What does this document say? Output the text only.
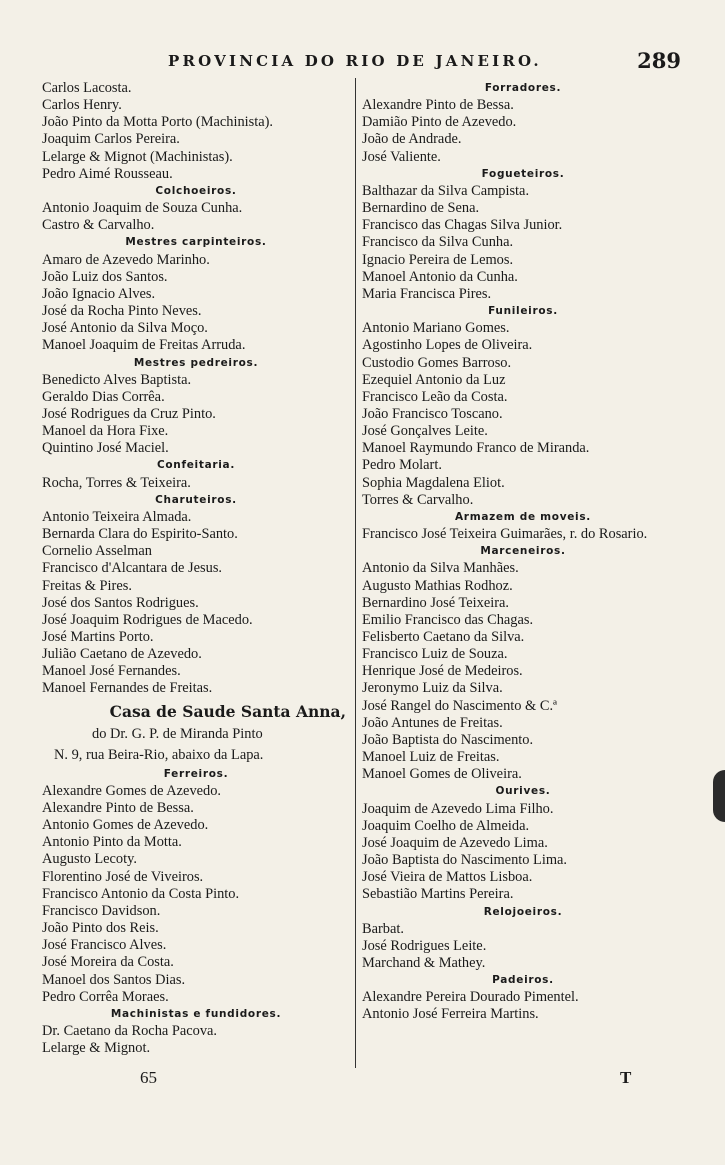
PROVINCIA DO RIO DE JANEIRO.	289
Carlos Lacosta.
Carlos Henry.
João Pinto da Motta Porto (Machinista).
Joaquim Carlos Pereira.
Lelarge & Mignot (Machinistas).
Pedro Aimé Rousseau.
Colchoeiros.
Antonio Joaquim de Souza Cunha.
Castro & Carvalho.
Mestres carpinteiros.
Amaro de Azevedo Marinho.
João Luiz dos Santos.
João Ignacio Alves.
José da Rocha Pinto Neves.
José Antonio da Silva Moço.
Manoel Joaquim de Freitas Arruda.
Mestres pedreiros.
Benedicto Alves Baptista.
Geraldo Dias Corrêa.
José Rodrigues da Cruz Pinto.
Manoel da Hora Fixe.
Quintino José Maciel.
Confeitaria.
Rocha, Torres & Teixeira.
Charuteiros.
Antonio Teixeira Almada.
Bernarda Clara do Espirito-Santo.
Cornelio Asselman
Francisco d'Alcantara de Jesus.
Freitas & Pires.
José dos Santos Rodrigues.
José Joaquim Rodrigues de Macedo.
José Martins Porto.
Julião Caetano de Azevedo.
Manoel José Fernandes.
Manoel Fernandes de Freitas.
Casa de Saude Santa Anna,
do Dr. G. P. de Miranda Pinto
N. 9, rua Beira-Rio, abaixo da Lapa.
Ferreiros.
Alexandre Gomes de Azevedo.
Alexandre Pinto de Bessa.
Antonio Gomes de Azevedo.
Antonio Pinto da Motta.
Augusto Lecoty.
Florentino José de Viveiros.
Francisco Antonio da Costa Pinto.
Francisco Davidson.
João Pinto dos Reis.
José Francisco Alves.
José Moreira da Costa.
Manoel dos Santos Dias.
Pedro Corrêa Moraes.
Machinistas e fundidores.
Dr. Caetano da Rocha Pacova.
Lelarge & Mignot.
Forradores.
Alexandre Pinto de Bessa.
Damião Pinto de Azevedo.
João de Andrade.
José Valiente.
Fogueteiros.
Balthazar da Silva Campista.
Bernardino de Sena.
Francisco das Chagas Silva Junior.
Francisco da Silva Cunha.
Ignacio Pereira de Lemos.
Manoel Antonio da Cunha.
Maria Francisca Pires.
Funileiros.
Antonio Mariano Gomes.
Agostinho Lopes de Oliveira.
Custodio Gomes Barroso.
Ezequiel Antonio da Luz
Francisco Leão da Costa.
João Francisco Toscano.
José Gonçalves Leite.
Manoel Raymundo Franco de Miranda.
Pedro Molart.
Sophia Magdalena Eliot.
Torres & Carvalho.
Armazem de moveis.
Francisco José Teixeira Guimarães, r. do Rosario.
Marceneiros.
Antonio da Silva Manhães.
Augusto Mathias Rodhoz.
Bernardino José Teixeira.
Emilio Francisco das Chagas.
Felisberto Caetano da Silva.
Francisco Luiz de Souza.
Henrique José de Medeiros.
Jeronymo Luiz da Silva.
José Rangel do Nascimento & C.ª
João Antunes de Freitas.
João Baptista do Nascimento.
Manoel Luiz de Freitas.
Manoel Gomes de Oliveira.
Ourives.
Joaquim de Azevedo Lima Filho.
Joaquim Coelho de Almeida.
José Joaquim de Azevedo Lima.
João Baptista do Nascimento Lima.
José Vieira de Mattos Lisboa.
Sebastião Martins Pereira.
Relojoeiros.
Barbat.
José Rodrigues Leite.
Marchand & Mathey.
Padeiros.
Alexandre Pereira Dourado Pimentel.
Antonio José Ferreira Martins.
65	T
